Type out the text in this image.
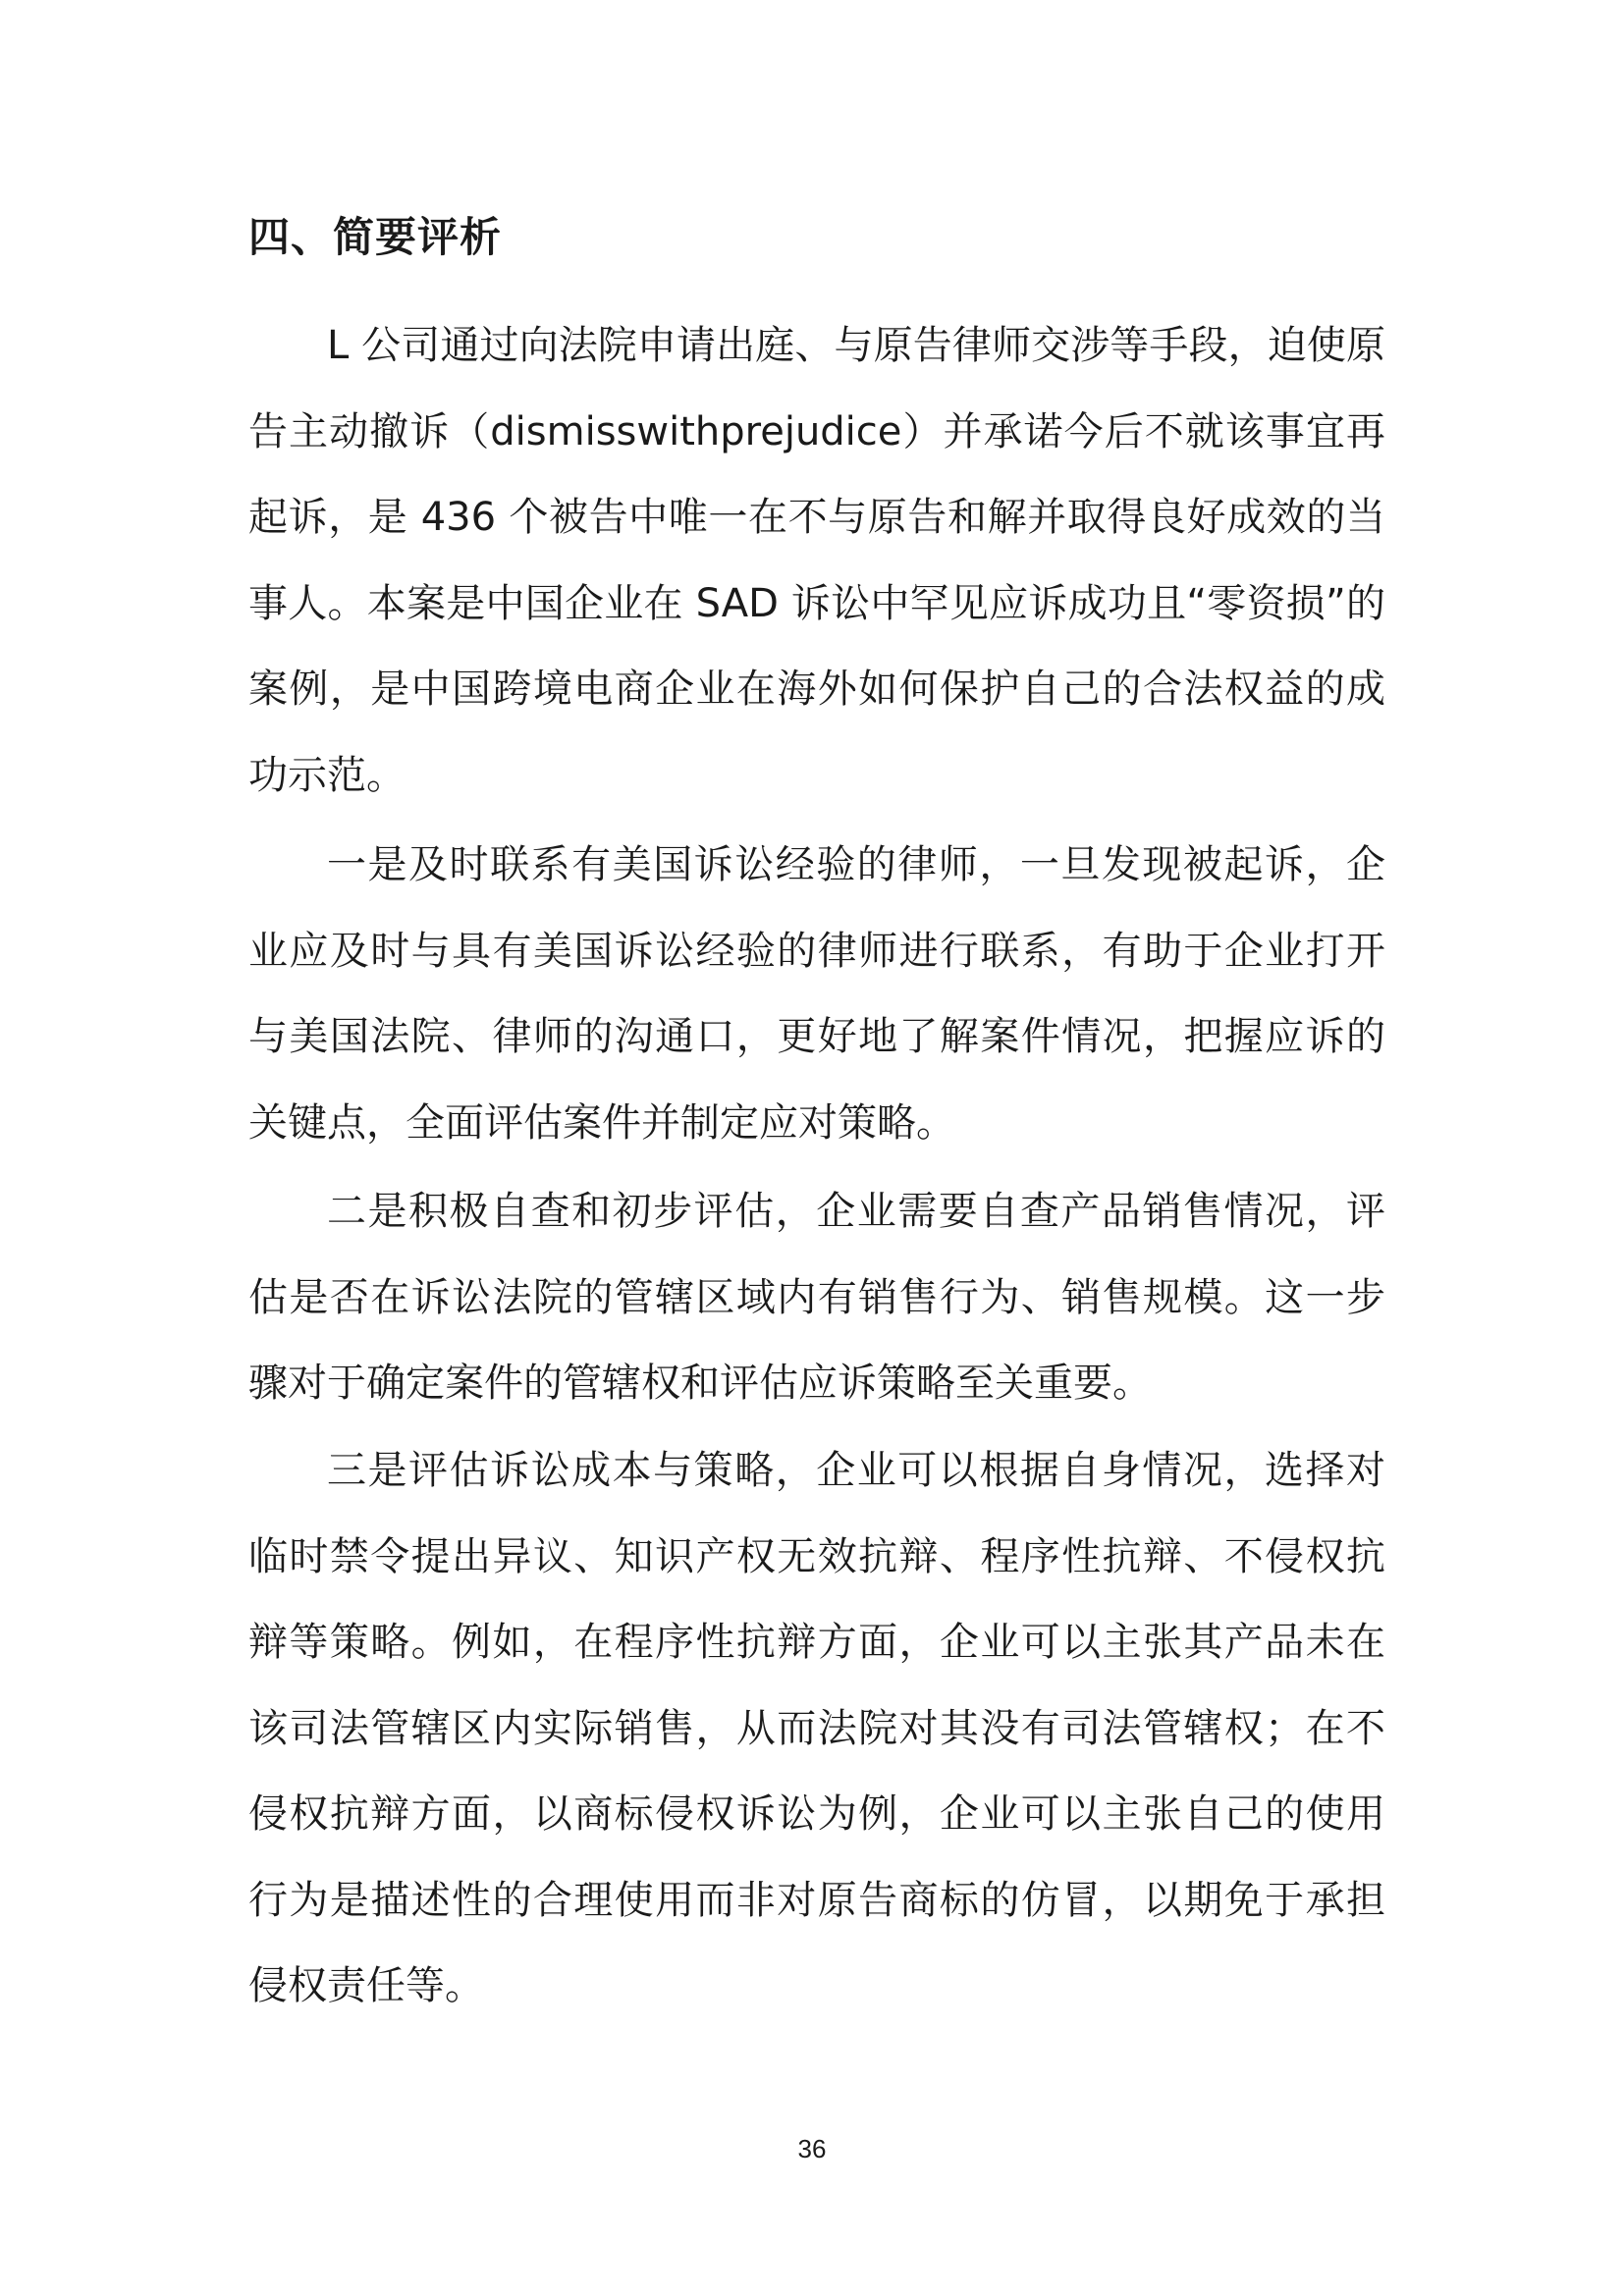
四、简要评析

L 公司通过向法院申请出庭、与原告律师交涉等手段，迫使原告主动撤诉（dismisswithprejudice）并承诺今后不就该事宜再起诉，是 436 个被告中唯一在不与原告和解并取得良好成效的当事人。本案是中国企业在 SAD 诉讼中罕见应诉成功且“零资损”的案例，是中国跨境电商企业在海外如何保护自己的合法权益的成功示范。

一是及时联系有美国诉讼经验的律师，一旦发现被起诉，企业应及时与具有美国诉讼经验的律师进行联系，有助于企业打开与美国法院、律师的沟通口，更好地了解案件情况，把握应诉的关键点，全面评估案件并制定应对策略。

二是积极自查和初步评估，企业需要自查产品销售情况，评估是否在诉讼法院的管辖区域内有销售行为、销售规模。这一步骤对于确定案件的管辖权和评估应诉策略至关重要。

三是评估诉讼成本与策略，企业可以根据自身情况，选择对临时禁令提出异议、知识产权无效抗辩、程序性抗辩、不侵权抗辩等策略。例如，在程序性抗辩方面，企业可以主张其产品未在该司法管辖区内实际销售，从而法院对其没有司法管辖权；在不侵权抗辩方面，以商标侵权诉讼为例，企业可以主张自己的使用行为是描述性的合理使用而非对原告商标的仿冒，以期免于承担侵权责任等。

36
